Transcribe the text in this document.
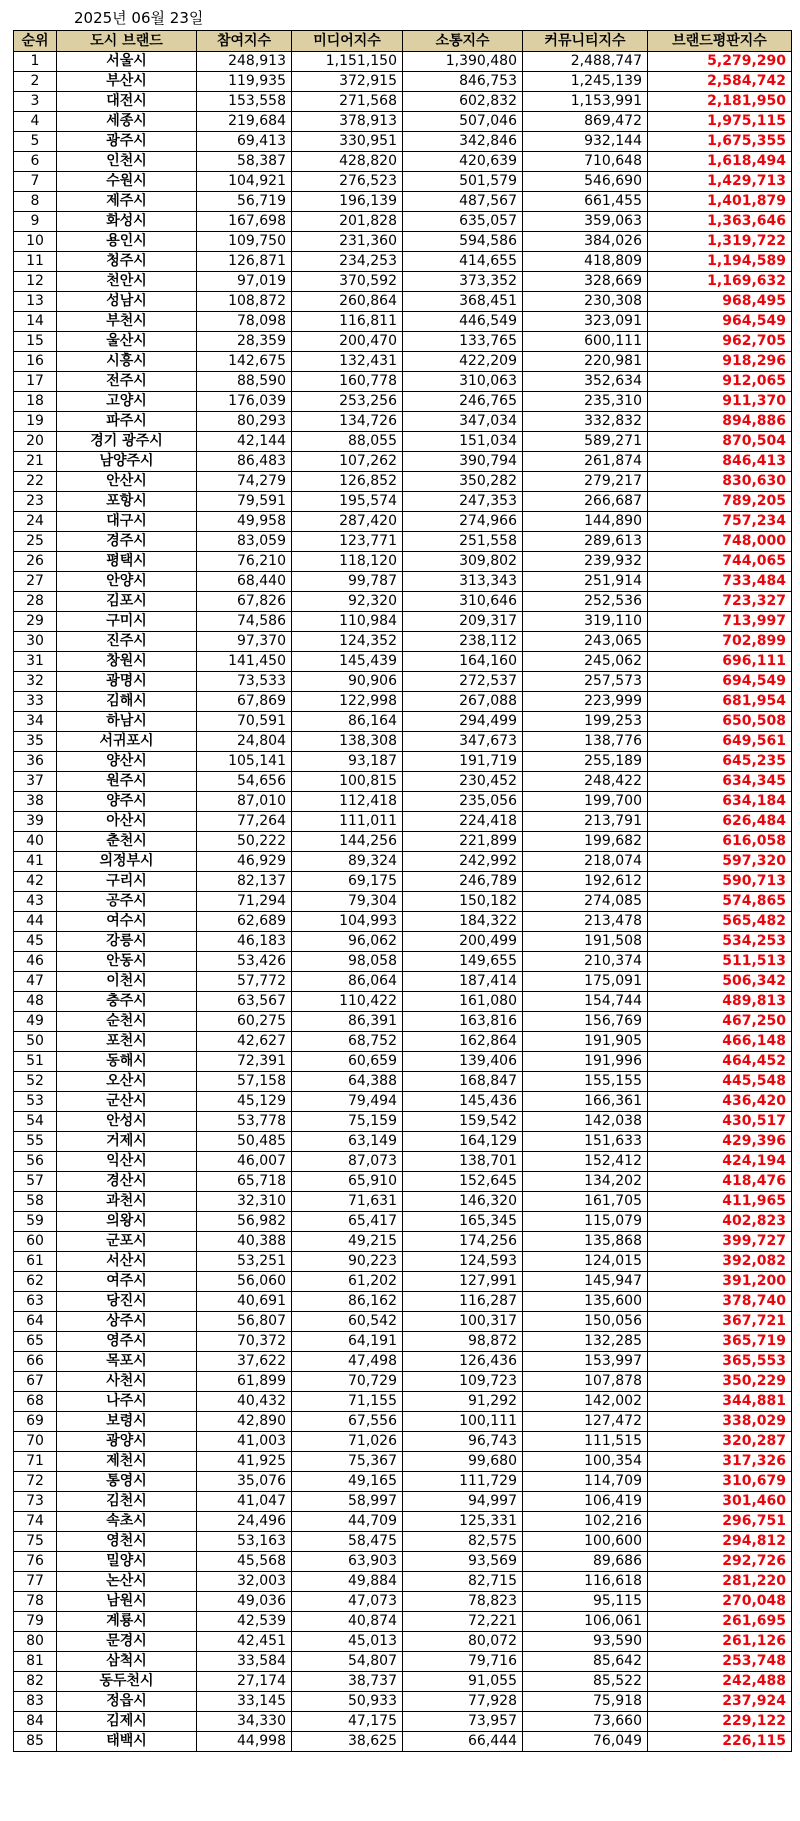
2025년 06월 23일
순위	도시 브랜드	참여지수	미디어지수	소통지수	커뮤니티지수	브랜드평판지수
1	서울시	248,913	1,151,150	1,390,480	2,488,747	5,279,290
2	부산시	119,935	372,915	846,753	1,245,139	2,584,742
3	대전시	153,558	271,568	602,832	1,153,991	2,181,950
4	세종시	219,684	378,913	507,046	869,472	1,975,115
5	광주시	69,413	330,951	342,846	932,144	1,675,355
6	인천시	58,387	428,820	420,639	710,648	1,618,494
7	수원시	104,921	276,523	501,579	546,690	1,429,713
8	제주시	56,719	196,139	487,567	661,455	1,401,879
9	화성시	167,698	201,828	635,057	359,063	1,363,646
10	용인시	109,750	231,360	594,586	384,026	1,319,722
11	청주시	126,871	234,253	414,655	418,809	1,194,589
12	천안시	97,019	370,592	373,352	328,669	1,169,632
13	성남시	108,872	260,864	368,451	230,308	968,495
14	부천시	78,098	116,811	446,549	323,091	964,549
15	울산시	28,359	200,470	133,765	600,111	962,705
16	시흥시	142,675	132,431	422,209	220,981	918,296
17	전주시	88,590	160,778	310,063	352,634	912,065
18	고양시	176,039	253,256	246,765	235,310	911,370
19	파주시	80,293	134,726	347,034	332,832	894,886
20	경기 광주시	42,144	88,055	151,034	589,271	870,504
21	남양주시	86,483	107,262	390,794	261,874	846,413
22	안산시	74,279	126,852	350,282	279,217	830,630
23	포항시	79,591	195,574	247,353	266,687	789,205
24	대구시	49,958	287,420	274,966	144,890	757,234
25	경주시	83,059	123,771	251,558	289,613	748,000
26	평택시	76,210	118,120	309,802	239,932	744,065
27	안양시	68,440	99,787	313,343	251,914	733,484
28	김포시	67,826	92,320	310,646	252,536	723,327
29	구미시	74,586	110,984	209,317	319,110	713,997
30	진주시	97,370	124,352	238,112	243,065	702,899
31	창원시	141,450	145,439	164,160	245,062	696,111
32	광명시	73,533	90,906	272,537	257,573	694,549
33	김해시	67,869	122,998	267,088	223,999	681,954
34	하남시	70,591	86,164	294,499	199,253	650,508
35	서귀포시	24,804	138,308	347,673	138,776	649,561
36	양산시	105,141	93,187	191,719	255,189	645,235
37	원주시	54,656	100,815	230,452	248,422	634,345
38	양주시	87,010	112,418	235,056	199,700	634,184
39	아산시	77,264	111,011	224,418	213,791	626,484
40	춘천시	50,222	144,256	221,899	199,682	616,058
41	의정부시	46,929	89,324	242,992	218,074	597,320
42	구리시	82,137	69,175	246,789	192,612	590,713
43	공주시	71,294	79,304	150,182	274,085	574,865
44	여수시	62,689	104,993	184,322	213,478	565,482
45	강릉시	46,183	96,062	200,499	191,508	534,253
46	안동시	53,426	98,058	149,655	210,374	511,513
47	이천시	57,772	86,064	187,414	175,091	506,342
48	충주시	63,567	110,422	161,080	154,744	489,813
49	순천시	60,275	86,391	163,816	156,769	467,250
50	포천시	42,627	68,752	162,864	191,905	466,148
51	동해시	72,391	60,659	139,406	191,996	464,452
52	오산시	57,158	64,388	168,847	155,155	445,548
53	군산시	45,129	79,494	145,436	166,361	436,420
54	안성시	53,778	75,159	159,542	142,038	430,517
55	거제시	50,485	63,149	164,129	151,633	429,396
56	익산시	46,007	87,073	138,701	152,412	424,194
57	경산시	65,718	65,910	152,645	134,202	418,476
58	과천시	32,310	71,631	146,320	161,705	411,965
59	의왕시	56,982	65,417	165,345	115,079	402,823
60	군포시	40,388	49,215	174,256	135,868	399,727
61	서산시	53,251	90,223	124,593	124,015	392,082
62	여주시	56,060	61,202	127,991	145,947	391,200
63	당진시	40,691	86,162	116,287	135,600	378,740
64	상주시	56,807	60,542	100,317	150,056	367,721
65	영주시	70,372	64,191	98,872	132,285	365,719
66	목포시	37,622	47,498	126,436	153,997	365,553
67	사천시	61,899	70,729	109,723	107,878	350,229
68	나주시	40,432	71,155	91,292	142,002	344,881
69	보령시	42,890	67,556	100,111	127,472	338,029
70	광양시	41,003	71,026	96,743	111,515	320,287
71	제천시	41,925	75,367	99,680	100,354	317,326
72	통영시	35,076	49,165	111,729	114,709	310,679
73	김천시	41,047	58,997	94,997	106,419	301,460
74	속초시	24,496	44,709	125,331	102,216	296,751
75	영천시	53,163	58,475	82,575	100,600	294,812
76	밀양시	45,568	63,903	93,569	89,686	292,726
77	논산시	32,003	49,884	82,715	116,618	281,220
78	남원시	49,036	47,073	78,823	95,115	270,048
79	계룡시	42,539	40,874	72,221	106,061	261,695
80	문경시	42,451	45,013	80,072	93,590	261,126
81	삼척시	33,584	54,807	79,716	85,642	253,748
82	동두천시	27,174	38,737	91,055	85,522	242,488
83	정읍시	33,145	50,933	77,928	75,918	237,924
84	김제시	34,330	47,175	73,957	73,660	229,122
85	태백시	44,998	38,625	66,444	76,049	226,115
